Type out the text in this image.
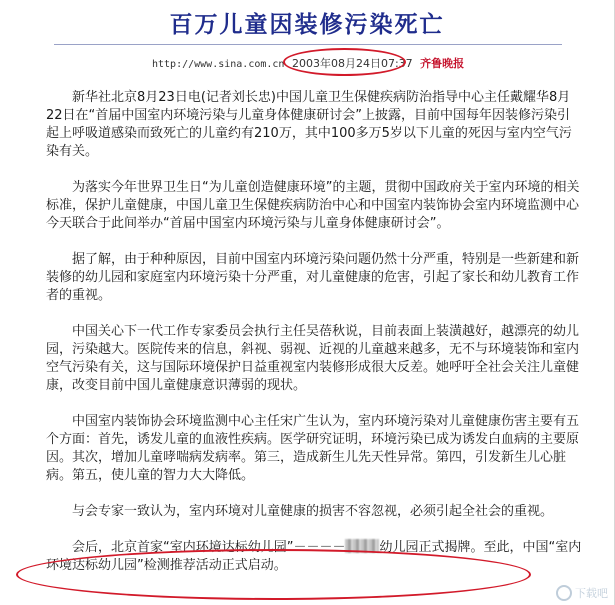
百万儿童因装修污染死亡
http://www.sina.com.cn 2003年08月24日07:37 齐鲁晚报

新华社北京8月23日电(记者刘长忠)中国儿童卫生保健疾病防治指导中心主任戴耀华8月22日在“首届中国室内环境污染与儿童身体健康研讨会”上披露，目前中国每年因装修污染引起上呼吸道感染而致死亡的儿童约有210万，其中100多万5岁以下儿童的死因与室内空气污染有关。

为落实今年世界卫生日“为儿童创造健康环境”的主题，贯彻中国政府关于室内环境的相关标准，保护儿童健康，中国儿童卫生保健疾病防治中心和中国室内装饰协会室内环境监测中心今天联合于此间举办“首届中国室内环境污染与儿童身体健康研讨会”。

据了解，由于种种原因，目前中国室内环境污染问题仍然十分严重，特别是一些新建和新装修的幼儿园和家庭室内环境污染十分严重，对儿童健康的危害，引起了家长和幼儿教育工作者的重视。

中国关心下一代工作专家委员会执行主任吴蓓秋说，目前表面上装潢越好，越漂亮的幼儿园，污染越大。医院传来的信息，斜视、弱视、近视的儿童越来越多，无不与环境装饰和室内空气污染有关，这与国际环境保护日益重视室内装修形成很大反差。她呼吁全社会关注儿童健康，改变目前中国儿童健康意识薄弱的现状。

中国室内装饰协会环境监测中心主任宋广生认为，室内环境污染对儿童健康伤害主要有五个方面：首先，诱发儿童的血液性疾病。医学研究证明，环境污染已成为诱发白血病的主要原因。其次，增加儿童哮喘病发病率。第三，造成新生儿先天性异常。第四，引发新生儿心脏病。第五，使儿童的智力大大降低。

与会专家一致认为，室内环境对儿童健康的损害不容忽视，必须引起全社会的重视。

会后，北京首家“室内环境达标幼儿园”－－－－	幼儿园正式揭牌。至此，中国“室内环境达标幼儿园”检测推荐活动正式启动。

下载吧
